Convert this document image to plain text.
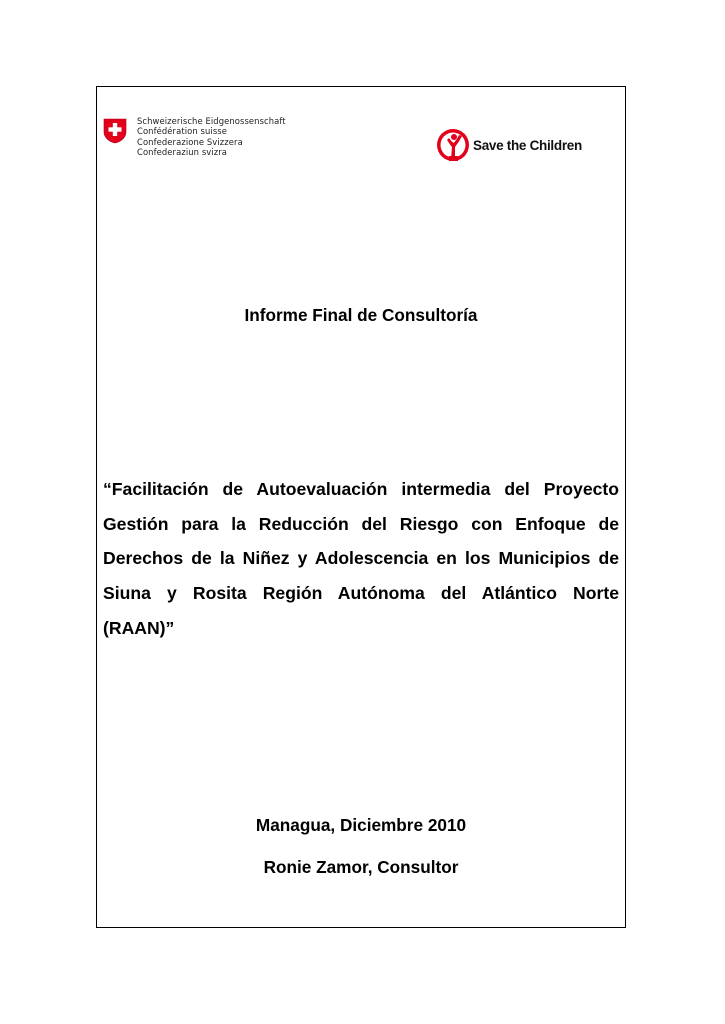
Schweizerische Eidgenossenschaft
Confédération suisse
Confederazione Svizzera
Confederaziun svizra	Save the Children
Informe Final de Consultoría
“Facilitación de Autoevaluación intermedia del Proyecto Gestión para la Reducción del Riesgo con Enfoque de Derechos de la Niñez y Adolescencia en los Municipios de Siuna y Rosita Región Autónoma del Atlántico Norte (RAAN)”
Managua, Diciembre 2010
Ronie Zamor, Consultor
